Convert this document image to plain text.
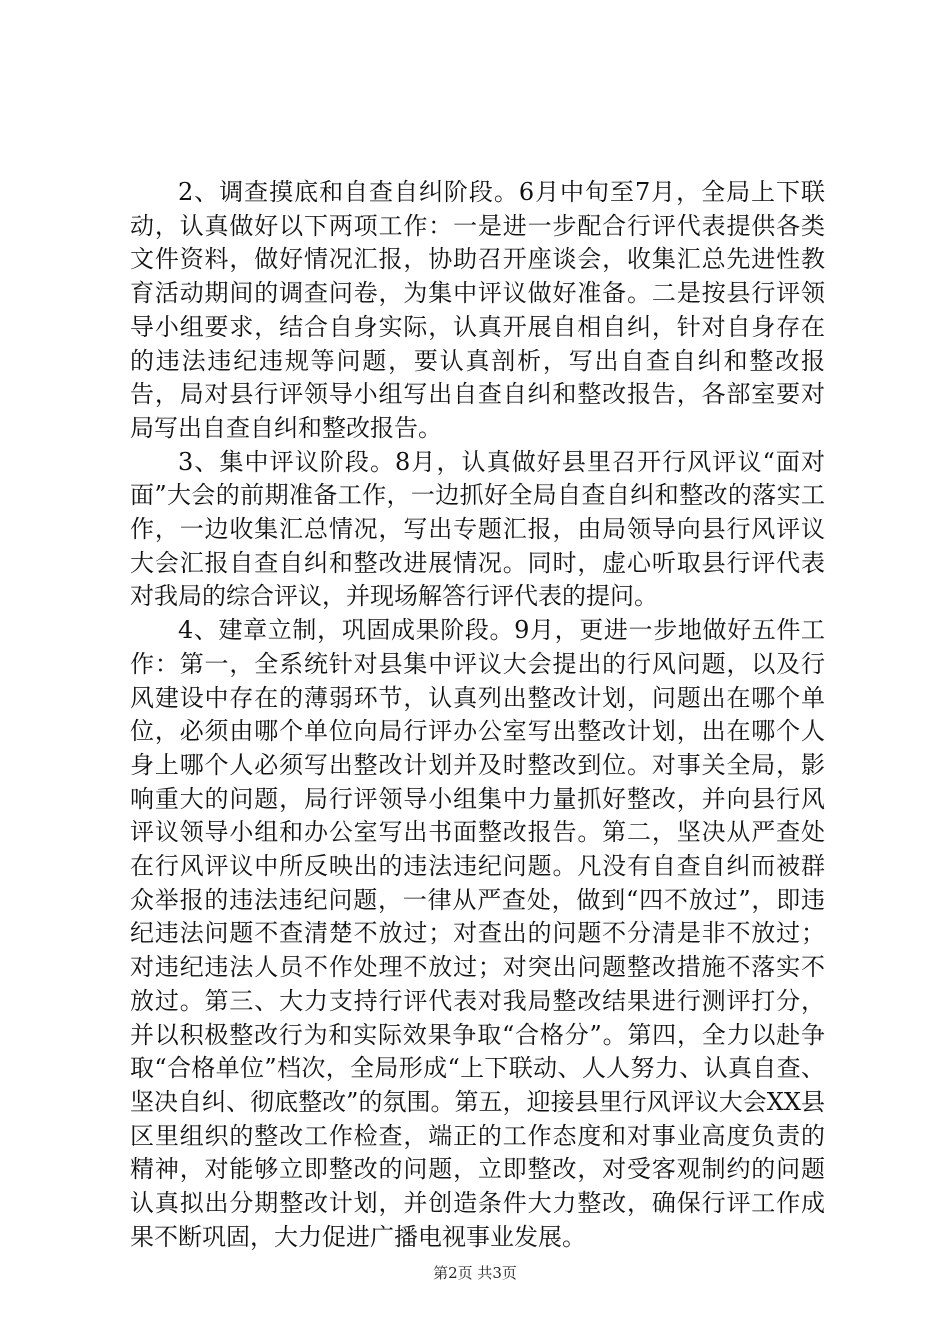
2、调查摸底和自查自纠阶段。6月中旬至7月，全局上下联动，认真做好以下两项工作：一是进一步配合行评代表提供各类文件资料，做好情况汇报，协助召开座谈会，收集汇总先进性教育活动期间的调查问卷，为集中评议做好准备。二是按县行评领导小组要求，结合自身实际，认真开展自相自纠，针对自身存在的违法违纪违规等问题，要认真剖析，写出自查自纠和整改报告，局对县行评领导小组写出自查自纠和整改报告，各部室要对局写出自查自纠和整改报告。

3、集中评议阶段。8月，认真做好县里召开行风评议“面对面”大会的前期准备工作，一边抓好全局自查自纠和整改的落实工作，一边收集汇总情况，写出专题汇报，由局领导向县行风评议大会汇报自查自纠和整改进展情况。同时，虚心听取县行评代表对我局的综合评议，并现场解答行评代表的提问。

4、建章立制，巩固成果阶段。9月，更进一步地做好五件工作：第一，全系统针对县集中评议大会提出的行风问题，以及行风建设中存在的薄弱环节，认真列出整改计划，问题出在哪个单位，必须由哪个单位向局行评办公室写出整改计划，出在哪个人身上哪个人必须写出整改计划并及时整改到位。对事关全局，影响重大的问题，局行评领导小组集中力量抓好整改，并向县行风评议领导小组和办公室写出书面整改报告。第二，坚决从严查处在行风评议中所反映出的违法违纪问题。凡没有自查自纠而被群众举报的违法违纪问题，一律从严查处，做到“四不放过”，即违纪违法问题不查清楚不放过；对查出的问题不分清是非不放过；对违纪违法人员不作处理不放过；对突出问题整改措施不落实不放过。第三、大力支持行评代表对我局整改结果进行测评打分，并以积极整改行为和实际效果争取“合格分”。第四，全力以赴争取“合格单位”档次，全局形成“上下联动、人人努力、认真自查、坚决自纠、彻底整改”的氛围。第五，迎接县里行风评议大会XX县区里组织的整改工作检查，端正的工作态度和对事业高度负责的精神，对能够立即整改的问题，立即整改，对受客观制约的问题认真拟出分期整改计划，并创造条件大力整改，确保行评工作成果不断巩固，大力促进广播电视事业发展。

第2页 共3页
